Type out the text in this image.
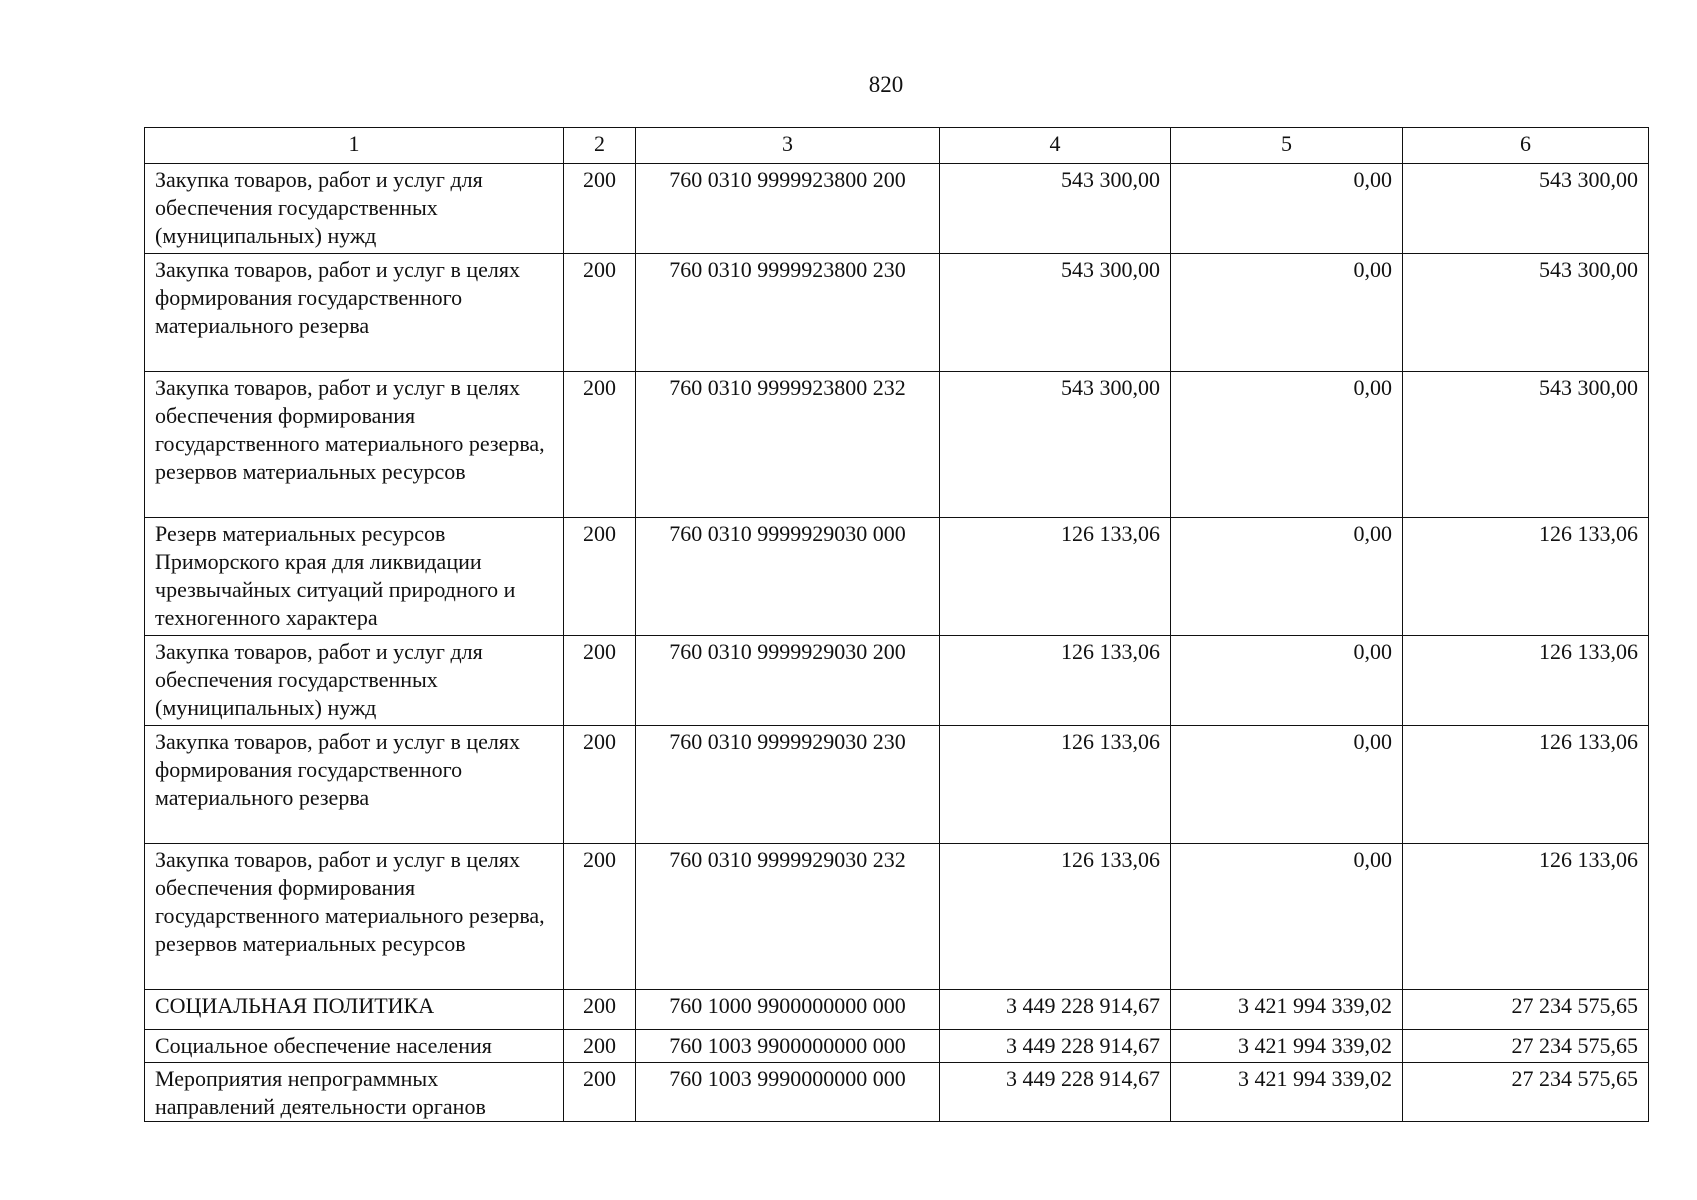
820
1	2	3	4	5	6
Закупка товаров, работ и услуг для обеспечения государственных (муниципальных) нужд	200	760 0310 9999923800 200	543 300,00	0,00	543 300,00
Закупка товаров, работ и услуг в целях формирования государственного материального резерва	200	760 0310 9999923800 230	543 300,00	0,00	543 300,00
Закупка товаров, работ и услуг в целях обеспечения формирования государственного материального резерва, резервов материальных ресурсов	200	760 0310 9999923800 232	543 300,00	0,00	543 300,00
Резерв материальных ресурсов Приморского края для ликвидации чрезвычайных ситуаций природного и техногенного характера	200	760 0310 9999929030 000	126 133,06	0,00	126 133,06
Закупка товаров, работ и услуг для обеспечения государственных (муниципальных) нужд	200	760 0310 9999929030 200	126 133,06	0,00	126 133,06
Закупка товаров, работ и услуг в целях формирования государственного материального резерва	200	760 0310 9999929030 230	126 133,06	0,00	126 133,06
Закупка товаров, работ и услуг в целях обеспечения формирования государственного материального резерва, резервов материальных ресурсов	200	760 0310 9999929030 232	126 133,06	0,00	126 133,06
СОЦИАЛЬНАЯ ПОЛИТИКА	200	760 1000 9900000000 000	3 449 228 914,67	3 421 994 339,02	27 234 575,65
Социальное обеспечение населения	200	760 1003 9900000000 000	3 449 228 914,67	3 421 994 339,02	27 234 575,65
Мероприятия непрограммных направлений деятельности органов	200	760 1003 9990000000 000	3 449 228 914,67	3 421 994 339,02	27 234 575,65
